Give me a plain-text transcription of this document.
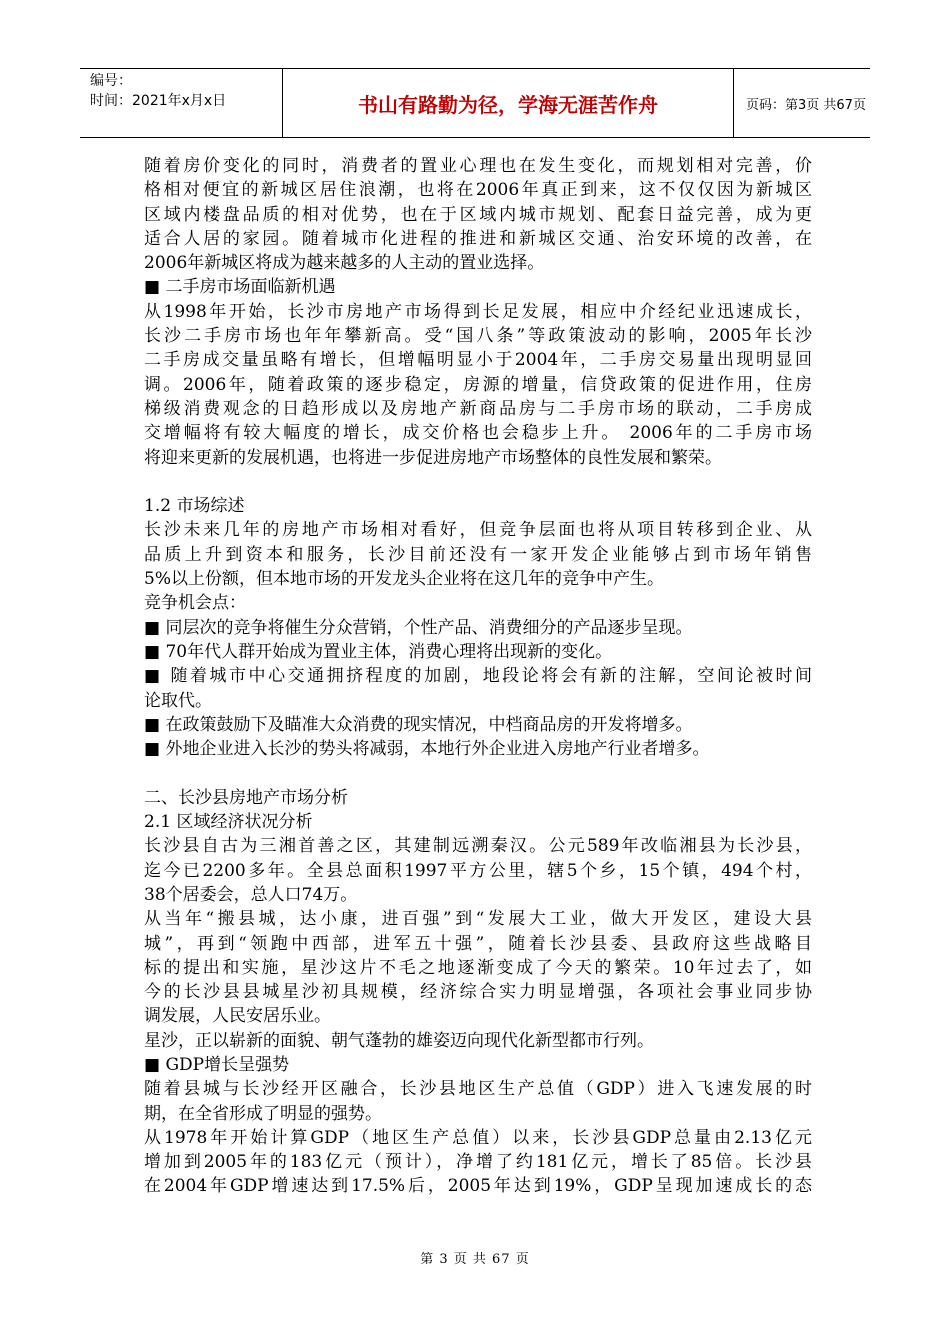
编号：
时间：2021年x月x日	书山有路勤为径，学海无涯苦作舟	页码：第3页 共67页
随着房价变化的同时，消费者的置业心理也在发生变化，而规划相对完善，价
格相对便宜的新城区居住浪潮，也将在2006年真正到来，这不仅仅因为新城区
区域内楼盘品质的相对优势，也在于区域内城市规划、配套日益完善，成为更
适合人居的家园。随着城市化进程的推进和新城区交通、治安环境的改善，在
2006年新城区将成为越来越多的人主动的置业选择。
■ 二手房市场面临新机遇
从1998年开始，长沙市房地产市场得到长足发展，相应中介经纪业迅速成长，
长沙二手房市场也年年攀新高。受“国八条”等政策波动的影响，2005年长沙
二手房成交量虽略有增长，但增幅明显小于2004年，二手房交易量出现明显回
调。2006年，随着政策的逐步稳定，房源的增量，信贷政策的促进作用，住房
梯级消费观念的日趋形成以及房地产新商品房与二手房市场的联动，二手房成
交增幅将有较大幅度的增长，成交价格也会稳步上升。 2006年的二手房市场
将迎来更新的发展机遇，也将进一步促进房地产市场整体的良性发展和繁荣。
1.2 市场综述
长沙未来几年的房地产市场相对看好，但竞争层面也将从项目转移到企业、从
品质上升到资本和服务，长沙目前还没有一家开发企业能够占到市场年销售
5%以上份额，但本地市场的开发龙头企业将在这几年的竞争中产生。
竞争机会点：
■ 同层次的竞争将催生分众营销，个性产品、消费细分的产品逐步呈现。
■ 70年代人群开始成为置业主体，消费心理将出现新的变化。
■ 随着城市中心交通拥挤程度的加剧，地段论将会有新的注解，空间论被时间
论取代。
■ 在政策鼓励下及瞄准大众消费的现实情况，中档商品房的开发将增多。
■ 外地企业进入长沙的势头将减弱，本地行外企业进入房地产行业者增多。
二、长沙县房地产市场分析
2.1 区域经济状况分析
长沙县自古为三湘首善之区，其建制远溯秦汉。公元589年改临湘县为长沙县，
迄今已2200多年。全县总面积1997平方公里，辖5个乡，15个镇，494个村，
38个居委会，总人口74万。
从当年“搬县城，达小康，进百强”到“发展大工业，做大开发区，建设大县
城”，再到“领跑中西部，进军五十强”，随着长沙县委、县政府这些战略目
标的提出和实施，星沙这片不毛之地逐渐变成了今天的繁荣。10年过去了，如
今的长沙县县城星沙初具规模，经济综合实力明显增强，各项社会事业同步协
调发展，人民安居乐业。
星沙，正以崭新的面貌、朝气蓬勃的雄姿迈向现代化新型都市行列。
■ GDP增长呈强势
随着县城与长沙经开区融合，长沙县地区生产总值（GDP）进入飞速发展的时
期，在全省形成了明显的强势。
从1978年开始计算GDP（地区生产总值）以来，长沙县GDP总量由2.13亿元
增加到2005年的183亿元（预计），净增了约181亿元，增长了85倍。长沙县
在2004年GDP增速达到17.5%后，2005年达到19%，GDP呈现加速成长的态
第 3 页 共 67 页
